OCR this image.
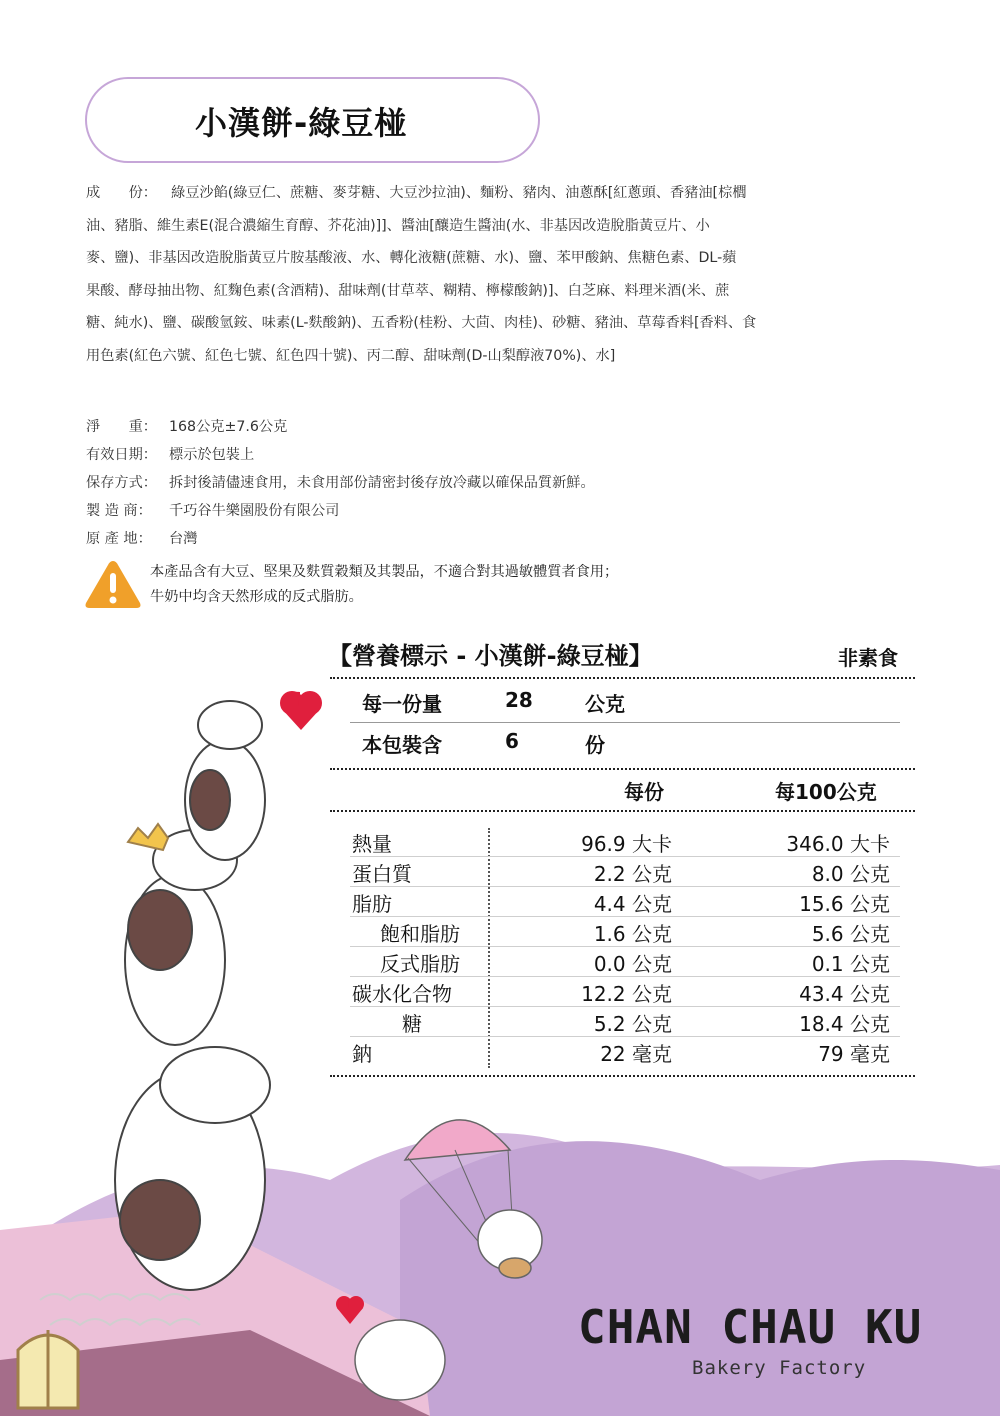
小漢餅-綠豆椪
成　　份： 綠豆沙餡(綠豆仁、蔗糖、麥芽糖、大豆沙拉油)、麵粉、豬肉、油蔥酥[紅蔥頭、香豬油[棕櫚
油、豬脂、維生素E(混合濃縮生育醇、芥花油)]]、醬油[釀造生醬油(水、非基因改造脫脂黃豆片、小
麥、鹽)、非基因改造脫脂黃豆片胺基酸液、水、轉化液糖(蔗糖、水)、鹽、苯甲酸鈉、焦糖色素、DL-蘋
果酸、酵母抽出物、紅麴色素(含酒精)、甜味劑(甘草萃、糊精、檸檬酸鈉)]、白芝麻、料理米酒(米、蔗
糖、純水)、鹽、碳酸氫銨、味素(L-麩酸鈉)、五香粉(桂粉、大茴、肉桂)、砂糖、豬油、草莓香料[香料、食
用色素(紅色六號、紅色七號、紅色四十號)、丙二醇、甜味劑(D-山梨醇液70%)、水]
淨　　重： 168公克±7.6公克
有效日期： 標示於包裝上
保存方式： 拆封後請儘速食用，未食用部份請密封後存放冷藏以確保品質新鮮。
製 造 商：	千巧谷牛樂園股份有限公司
原 產 地：	台灣
本產品含有大豆、堅果及麩質穀類及其製品，不適合對其過敏體質者食用；
牛奶中均含天然形成的反式脂肪。
【營養標示 - 小漢餅-綠豆椪】	非素食
每一份量	28	公克
本包裝含	6	份
每份	每100公克
熱量	96.9 大卡	346.0 大卡
蛋白質	2.2 公克	8.0 公克
脂肪	4.4 公克	15.6 公克
飽和脂肪	1.6 公克	5.6 公克
反式脂肪	0.0 公克	0.1 公克
碳水化合物	12.2 公克	43.4 公克
糖	5.2 公克	18.4 公克
鈉	22 毫克	79 毫克
CHAN CHAU KU
Bakery Factory
